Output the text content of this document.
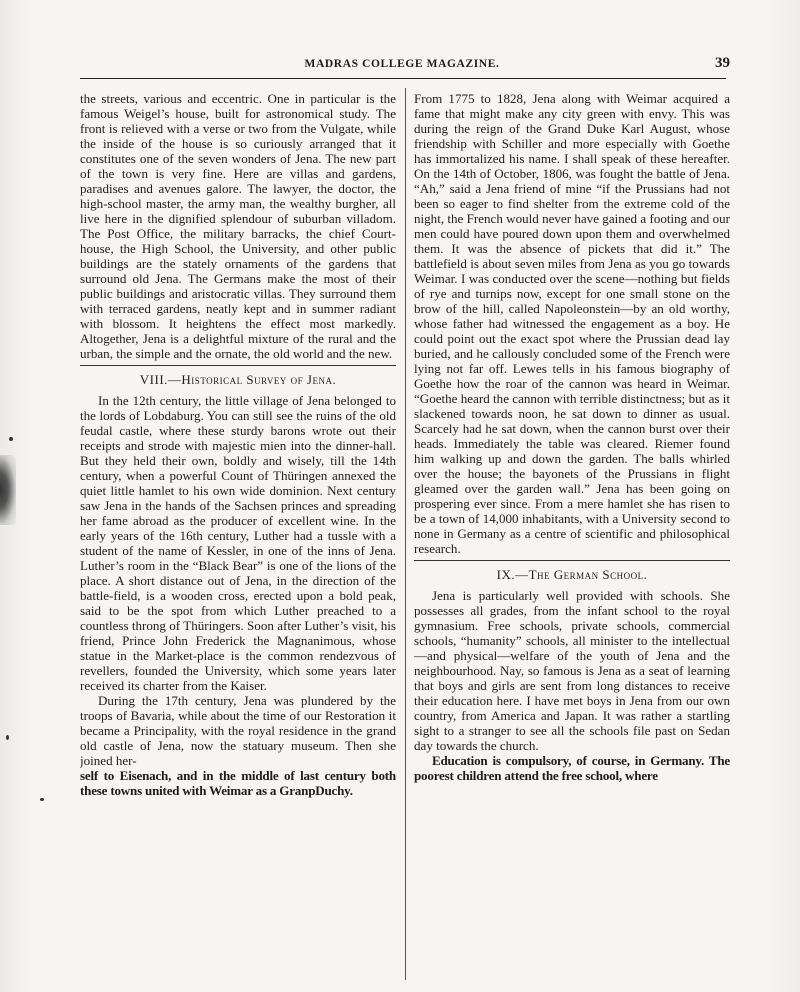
MADRAS COLLEGE MAGAZINE.	39

the streets, various and eccentric. One in particular is the famous Weigel’s house, built for astronomical study. The front is relieved with a verse or two from the Vulgate, while the inside of the house is so curiously arranged that it constitutes one of the seven wonders of Jena. The new part of the town is very fine. Here are villas and gardens, paradises and avenues galore. The lawyer, the doctor, the high-school master, the army man, the wealthy burgher, all live here in the dignified splendour of suburban villadom. The Post Office, the military barracks, the chief Court-house, the High School, the University, and other public buildings are the stately ornaments of the gardens that surround old Jena. The Germans make the most of their public buildings and aristocratic villas. They surround them with terraced gardens, neatly kept and in summer radiant with blossom. It heightens the effect most markedly. Altogether, Jena is a delightful mixture of the rural and the urban, the simple and the ornate, the old world and the new.

VIII.—Historical Survey of Jena.

In the 12th century, the little village of Jena belonged to the lords of Lobdaburg. You can still see the ruins of the old feudal castle, where these sturdy barons wrote out their receipts and strode with majestic mien into the dinner-hall. But they held their own, boldly and wisely, till the 14th century, when a powerful Count of Thüringen annexed the quiet little hamlet to his own wide dominion. Next century saw Jena in the hands of the Sachsen princes and spreading her fame abroad as the producer of excellent wine. In the early years of the 16th century, Luther had a tussle with a student of the name of Kessler, in one of the inns of Jena. Luther’s room in the “Black Bear” is one of the lions of the place. A short distance out of Jena, in the direction of the battle-field, is a wooden cross, erected upon a bold peak, said to be the spot from which Luther preached to a countless throng of Thüringers. Soon after Luther’s visit, his friend, Prince John Frederick the Magnanimous, whose statue in the Market-place is the common rendezvous of revellers, founded the University, which some years later received its charter from the Kaiser.

During the 17th century, Jena was plundered by the troops of Bavaria, while about the time of our Restoration it became a Principality, with the royal residence in the grand old castle of Jena, now the statuary museum. Then she joined her-

self to Eisenach, and in the middle of last century both these towns united with Weimar as a GranpDuchy.

From 1775 to 1828, Jena along with Weimar acquired a fame that might make any city green with envy. This was during the reign of the Grand Duke Karl August, whose friendship with Schiller and more especially with Goethe has immortalized his name. I shall speak of these hereafter. On the 14th of October, 1806, was fought the battle of Jena. “Ah,” said a Jena friend of mine “if the Prussians had not been so eager to find shelter from the extreme cold of the night, the French would never have gained a footing and our men could have poured down upon them and overwhelmed them. It was the absence of pickets that did it.” The battlefield is about seven miles from Jena as you go towards Weimar. I was conducted over the scene—nothing but fields of rye and turnips now, except for one small stone on the brow of the hill, called Napoleonstein—by an old worthy, whose father had witnessed the engagement as a boy. He could point out the exact spot where the Prussian dead lay buried, and he callously concluded some of the French were lying not far off. Lewes tells in his famous biography of Goethe how the roar of the cannon was heard in Weimar. “Goethe heard the cannon with terrible distinctness; but as it slackened towards noon, he sat down to dinner as usual. Scarcely had he sat down, when the cannon burst over their heads. Immediately the table was cleared. Riemer found him walking up and down the garden. The balls whirled over the house; the bayonets of the Prussians in flight gleamed over the garden wall.” Jena has been going on prospering ever since. From a mere hamlet she has risen to be a town of 14,000 inhabitants, with a University second to none in Germany as a centre of scientific and philosophical research.

IX.—The German School.

Jena is particularly well provided with schools. She possesses all grades, from the infant school to the royal gymnasium. Free schools, private schools, commercial schools, “humanity” schools, all minister to the intellectual—and physical—welfare of the youth of Jena and the neighbourhood. Nay, so famous is Jena as a seat of learning that boys and girls are sent from long distances to receive their education here. I have met boys in Jena from our own country, from America and Japan. It was rather a startling sight to a stranger to see all the schools file past on Sedan day towards the church.

Education is compulsory, of course, in Germany. The poorest children attend the free school, where
